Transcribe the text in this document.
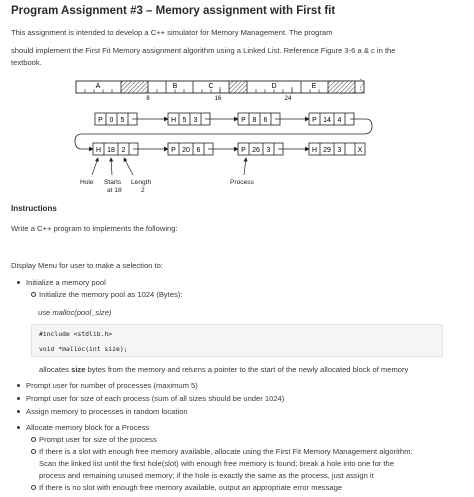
Program Assignment #3 – Memory assignment with First fit
This assignment is intended to develop a C++ simulator for Memory Management. The program
should implement the First Fit Memory assignment algorithm using a Linked List. Reference Figure 3-6 a & c in the
textbook.
A	B	C	D	E
8	16	24
P 0 5	H 5 3	P 8 6	P 14 4
H 18 2	P 20 6	P 26 3	H 29 3 X
Hole Starts
at 18
Length
2
Process
Instructions
Write a C++ program to implements the following:
Display Menu for user to make a selection to:
Initialize a memory pool
Initialize the memory pool as 1024 (Bytes):
use malloc(pool_size)
#include <stdlib.h>
void *malloc(int size);
allocates size bytes from the memory and returns a pointer to the start of the newly allocated block of memory
Prompt user for number of processes (maximum 5)
Prompt user for size of each process (sum of all sizes should be under 1024)
Assign memory to processes in random location
Allocate memory block for a Process
Prompt user for size of the process
If there is a slot with enough free memory available, allocate using the First Fit Memory Management algorithm:
Scan the linked list until the first hole(slot) with enough free memory is found; break a hole into one for the
process and remaining unused memory; if the hole is exactly the same as the process, just assign it
If there is no slot with enough free memory available, output an appropriate error message
